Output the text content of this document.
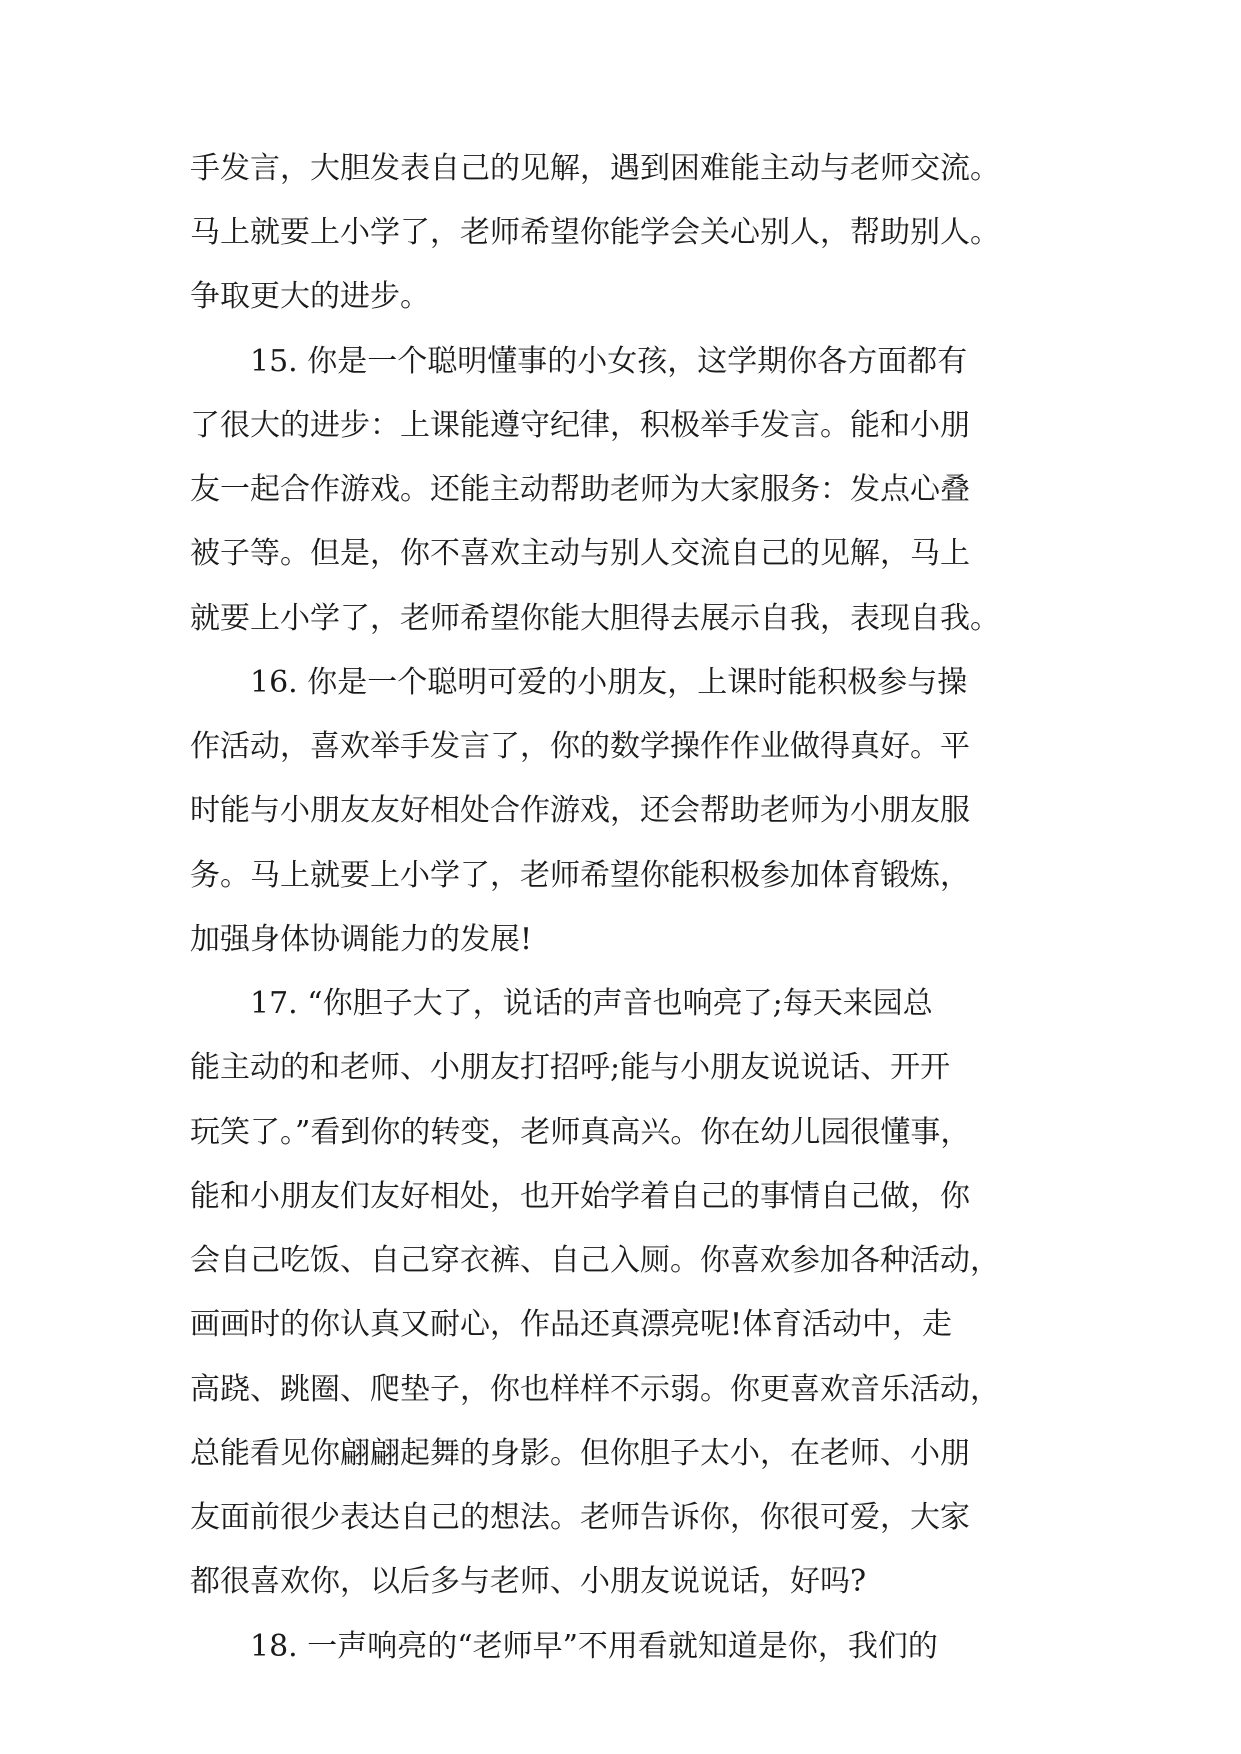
手发言，大胆发表自己的见解，遇到困难能主动与老师交流。
马上就要上小学了，老师希望你能学会关心别人，帮助别人。
争取更大的进步。
15. 你是一个聪明懂事的小女孩，这学期你各方面都有
了很大的进步：上课能遵守纪律，积极举手发言。能和小朋
友一起合作游戏。还能主动帮助老师为大家服务：发点心叠
被子等。但是，你不喜欢主动与别人交流自己的见解，马上
就要上小学了，老师希望你能大胆得去展示自我，表现自我。
16. 你是一个聪明可爱的小朋友，上课时能积极参与操
作活动，喜欢举手发言了，你的数学操作作业做得真好。平
时能与小朋友友好相处合作游戏，还会帮助老师为小朋友服
务。马上就要上小学了，老师希望你能积极参加体育锻炼，
加强身体协调能力的发展!
17. “你胆子大了，说话的声音也响亮了;每天来园总
能主动的和老师、小朋友打招呼;能与小朋友说说话、开开
玩笑了。”看到你的转变，老师真高兴。你在幼儿园很懂事，
能和小朋友们友好相处，也开始学着自己的事情自己做，你
会自己吃饭、自己穿衣裤、自己入厕。你喜欢参加各种活动，
画画时的你认真又耐心，作品还真漂亮呢!体育活动中，走
高跷、跳圈、爬垫子，你也样样不示弱。你更喜欢音乐活动，
总能看见你翩翩起舞的身影。但你胆子太小，在老师、小朋
友面前很少表达自己的想法。老师告诉你，你很可爱，大家
都很喜欢你，以后多与老师、小朋友说说话，好吗?
18. 一声响亮的“老师早”不用看就知道是你，我们的
